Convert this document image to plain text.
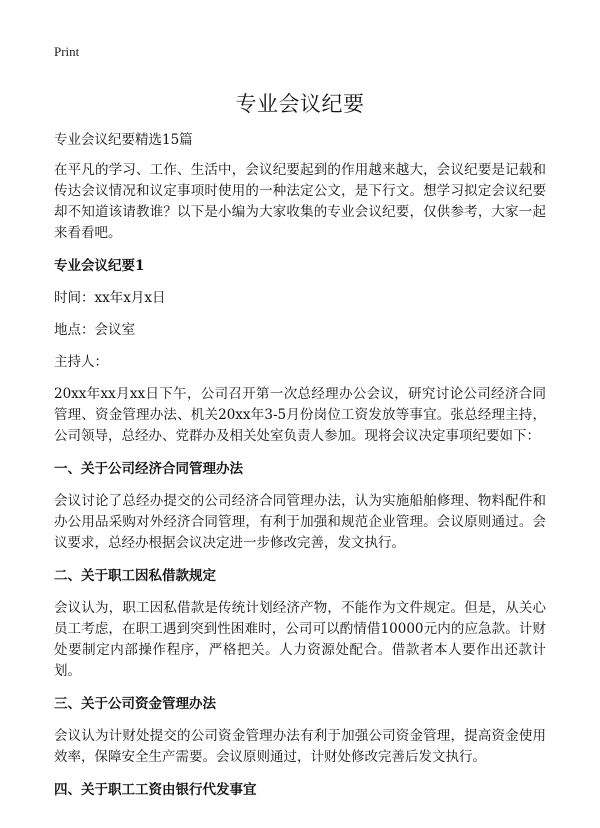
Print

专业会议纪要

专业会议纪要精选15篇

在平凡的学习、工作、生活中，会议纪要起到的作用越来越大，会议纪要是记载和传达会议情况和议定事项时使用的一种法定公文，是下行文。想学习拟定会议纪要却不知道该请教谁？以下是小编为大家收集的专业会议纪要，仅供参考，大家一起来看看吧。

专业会议纪要1

时间：xx年x月x日

地点：会议室

主持人：

20xx年xx月xx日下午，公司召开第一次总经理办公会议，研究讨论公司经济合同管理、资金管理办法、机关20xx年3-5月份岗位工资发放等事宜。张总经理主持，公司领导，总经办、党群办及相关处室负责人参加。现将会议决定事项纪要如下：

一、关于公司经济合同管理办法

会议讨论了总经办提交的公司经济合同管理办法，认为实施船舶修理、物料配件和办公用品采购对外经济合同管理，有利于加强和规范企业管理。会议原则通过。会议要求，总经办根据会议决定进一步修改完善，发文执行。

二、关于职工因私借款规定

会议认为，职工因私借款是传统计划经济产物，不能作为文件规定。但是，从关心员工考虑，在职工遇到突到性困难时，公司可以酌情借10000元内的应急款。计财处要制定内部操作程序，严格把关。人力资源处配合。借款者本人要作出还款计划。

三、关于公司资金管理办法

会议认为计财处提交的公司资金管理办法有利于加强公司资金管理，提高资金使用效率，保障安全生产需要。会议原则通过，计财处修改完善后发文执行。

四、关于职工工资由银行代发事宜
